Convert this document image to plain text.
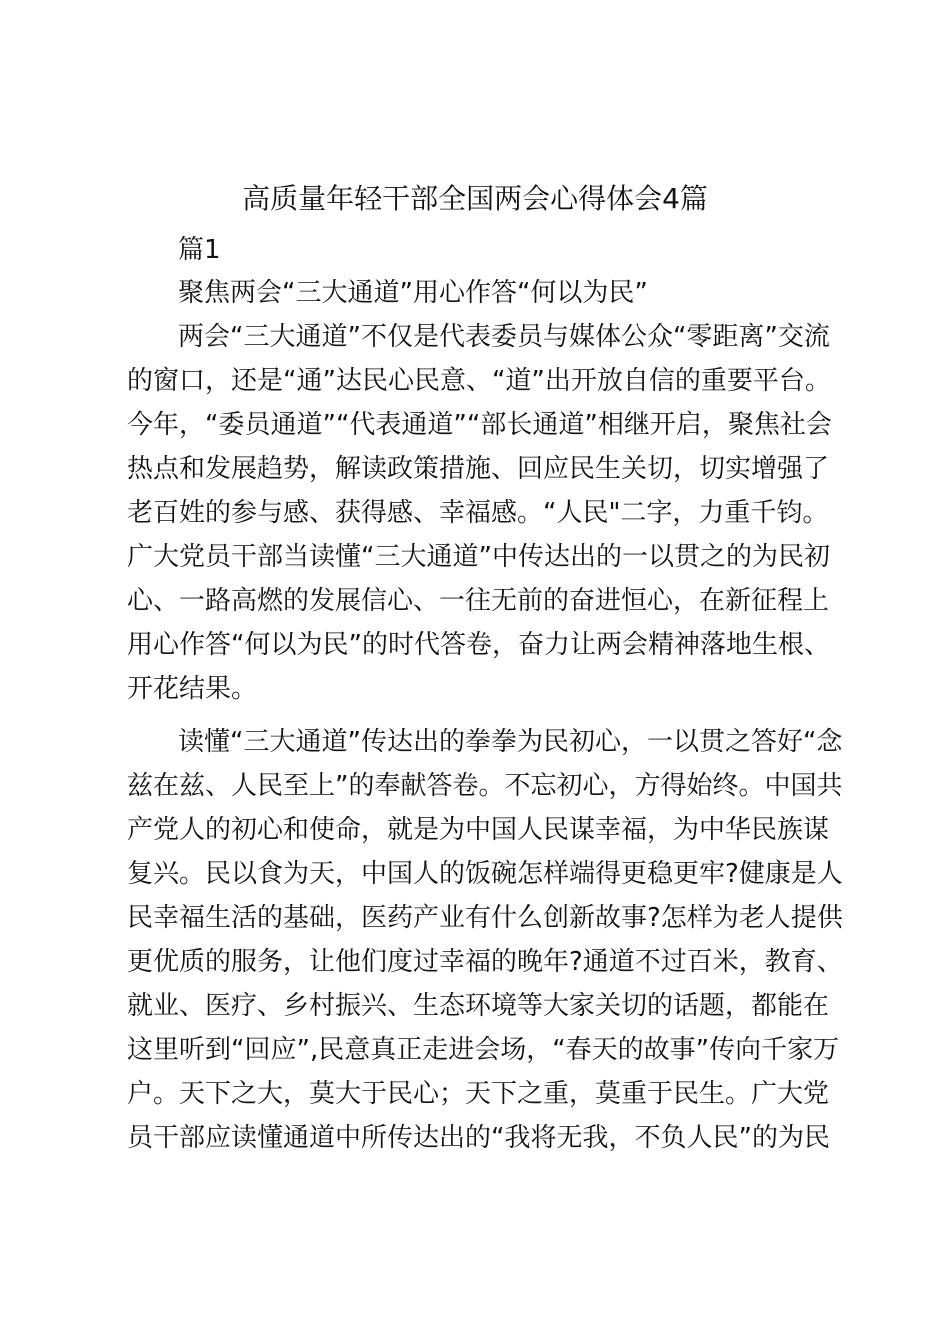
高质量年轻干部全国两会心得体会4篇

篇1

聚焦两会“三大通道”用心作答“何以为民”

两会“三大通道”不仅是代表委员与媒体公众“零距离”交流

的窗口，还是“通”达民心民意、“道”出开放自信的重要平台。

今年，“委员通道”“代表通道”“部长通道”相继开启，聚焦社会

热点和发展趋势，解读政策措施、回应民生关切，切实增强了

老百姓的参与感、获得感、幸福感。“人民"二字，力重千钧。

广大党员干部当读懂“三大通道”中传达出的一以贯之的为民初

心、一路高燃的发展信心、一往无前的奋进恒心，在新征程上

用心作答“何以为民”的时代答卷，奋力让两会精神落地生根、

开花结果。

读懂“三大通道”传达出的拳拳为民初心，一以贯之答好“念

兹在兹、人民至上”的奉献答卷。不忘初心，方得始终。中国共

产党人的初心和使命，就是为中国人民谋幸福，为中华民族谋

复兴。民以食为天，中国人的饭碗怎样端得更稳更牢?健康是人

民幸福生活的基础，医药产业有什么创新故事?怎样为老人提供

更优质的服务，让他们度过幸福的晚年?通道不过百米，教育、

就业、医疗、乡村振兴、生态环境等大家关切的话题，都能在

这里听到“回应”,民意真正走进会场，“春天的故事”传向千家万

户。天下之大，莫大于民心；天下之重，莫重于民生。广大党

员干部应读懂通道中所传达出的“我将无我，不负人民”的为民
